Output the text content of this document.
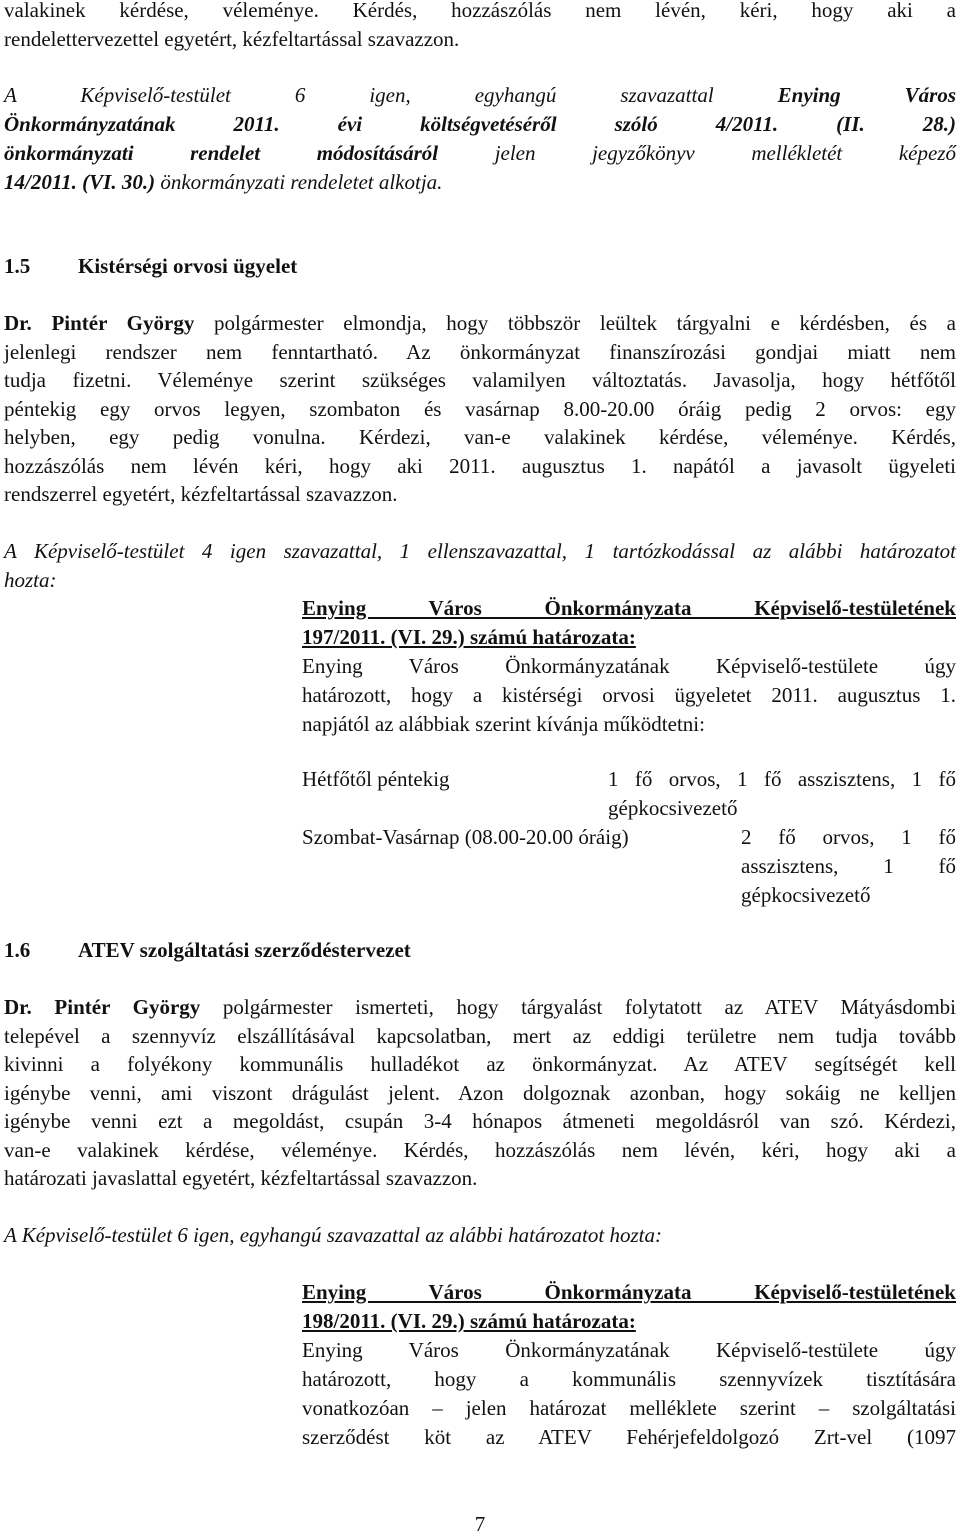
valakinek kérdése, véleménye. Kérdés, hozzászólás nem lévén, kéri, hogy aki a
rendelettervezettel egyetért, kézfeltartással szavazzon.
A Képviselő-testület 6 igen, egyhangú szavazattal	Enying Város
Önkormányzatának 2011. évi költségvetéséről szóló 4/2011. (II. 28.)
önkormányzati rendelet módosításáról	jelen jegyzőkönyv mellékletét képező
14/2011. (VI. 30.) önkormányzati rendeletet alkotja.
1.5 Kistérségi orvosi ügyelet
Dr. Pintér György polgármester elmondja, hogy többször leültek tárgyalni e kérdésben, és a
jelenlegi rendszer nem fenntartható. Az önkormányzat finanszírozási gondjai miatt nem
tudja fizetni. Véleménye szerint szükséges valamilyen változtatás. Javasolja, hogy hétfőtől
péntekig egy orvos legyen, szombaton és vasárnap 8.00-20.00 óráig pedig 2 orvos: egy
helyben, egy pedig vonulna. Kérdezi, van-e valakinek kérdése, véleménye. Kérdés,
hozzászólás nem lévén kéri, hogy aki 2011. augusztus 1. napától a javasolt ügyeleti
rendszerrel egyetért, kézfeltartással szavazzon.
A Képviselő-testület 4 igen szavazattal, 1 ellenszavazattal, 1 tartózkodással az alábbi határozatot
hozta:
Enying Város Önkormányzata Képviselő-testületének
197/2011. (VI. 29.) számú határozata:
Enying Város Önkormányzatának Képviselő-testülete úgy
határozott, hogy a kistérségi orvosi ügyeletet 2011. augusztus 1.
napjától az alábbiak szerint kívánja működtetni:
Hétfőtől péntekig	1 fő orvos, 1 fő asszisztens, 1 fő
gépkocsivezető
Szombat-Vasárnap (08.00-20.00 óráig)	2 fő orvos, 1 fő
asszisztens, 1 fő
gépkocsivezető
1.6 ATEV szolgáltatási szerződéstervezet
Dr. Pintér György polgármester ismerteti, hogy tárgyalást folytatott az ATEV Mátyásdombi
telepével a szennyvíz elszállításával kapcsolatban, mert az eddigi területre nem tudja tovább
kivinni a folyékony kommunális hulladékot az önkormányzat. Az ATEV segítségét kell
igénybe venni, ami viszont drágulást jelent. Azon dolgoznak azonban, hogy sokáig ne kelljen
igénybe venni ezt a megoldást, csupán 3-4 hónapos átmeneti megoldásról van szó. Kérdezi,
van-e valakinek kérdése, véleménye. Kérdés, hozzászólás nem lévén, kéri, hogy aki a
határozati javaslattal egyetért, kézfeltartással szavazzon.
A Képviselő-testület 6 igen, egyhangú szavazattal az alábbi határozatot hozta:
Enying Város Önkormányzata Képviselő-testületének
198/2011. (VI. 29.) számú határozata:
Enying Város Önkormányzatának Képviselő-testülete úgy
határozott, hogy a kommunális szennyvízek tisztítására
vonatkozóan – jelen határozat melléklete szerint – szolgáltatási
szerződést köt az ATEV Fehérjefeldolgozó Zrt-vel (1097
7
